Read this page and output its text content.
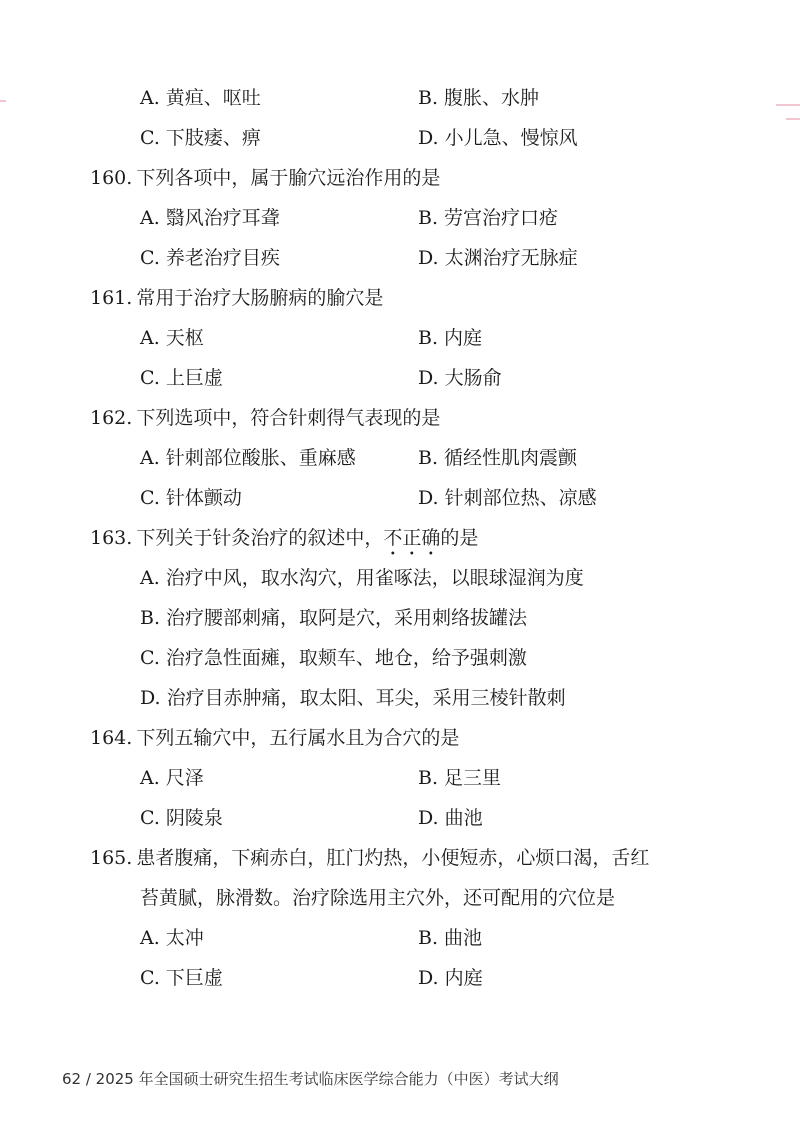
A. 黄疸、呕吐	B. 腹胀、水肿
C. 下肢痿、痹	D. 小儿急、慢惊风
160. 下列各项中，属于腧穴远治作用的是
A. 翳风治疗耳聋	B. 劳宫治疗口疮
C. 养老治疗目疾	D. 太渊治疗无脉症
161. 常用于治疗大肠腑病的腧穴是
A. 天枢	B. 内庭
C. 上巨虚	D. 大肠俞
162. 下列选项中，符合针刺得气表现的是
A. 针刺部位酸胀、重麻感	B. 循经性肌肉震颤
C. 针体颤动	D. 针刺部位热、凉感
163. 下列关于针灸治疗的叙述中，不正确的是
A. 治疗中风，取水沟穴，用雀啄法，以眼球湿润为度
B. 治疗腰部刺痛，取阿是穴，采用刺络拔罐法
C. 治疗急性面瘫，取颊车、地仓，给予强刺激
D. 治疗目赤肿痛，取太阳、耳尖，采用三棱针散刺
164. 下列五输穴中，五行属水且为合穴的是
A. 尺泽	B. 足三里
C. 阴陵泉	D. 曲池
165. 患者腹痛，下痢赤白，肛门灼热，小便短赤，心烦口渴，舌红
苔黄腻，脉滑数。治疗除选用主穴外，还可配用的穴位是
A. 太冲	B. 曲池
C. 下巨虚	D. 内庭
62 / 2025 年全国硕士研究生招生考试临床医学综合能力（中医）考试大纲
